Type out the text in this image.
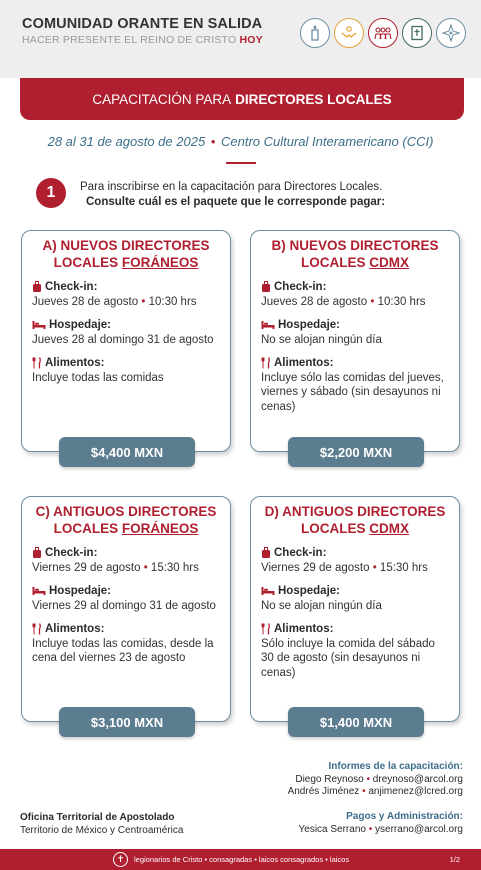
COMUNIDAD ORANTE EN SALIDA
HACER PRESENTE EL REINO DE CRISTO HOY
CAPACITACIÓN PARA DIRECTORES LOCALES
28 al 31 de agosto de 2025 • Centro Cultural Interamericano (CCI)
1	Para inscribirse en la capacitación para Directores Locales.
Consulte cuál es el paquete que le corresponde pagar:
A) NUEVOS DIRECTORES
LOCALES FORÁNEOS
Check-in:
Jueves 28 de agosto • 10:30 hrs
Hospedaje:
Jueves 28 al domingo 31 de agosto
Alimentos:
Incluye todas las comidas
$4,400 MXN
B) NUEVOS DIRECTORES
LOCALES CDMX
Check-in:
Jueves 28 de agosto • 10:30 hrs
Hospedaje:
No se alojan ningún día
Alimentos:
Incluye sólo las comidas del jueves, viernes y sábado (sin desayunos ni cenas)
$2,200 MXN
C) ANTIGUOS DIRECTORES
LOCALES FORÁNEOS
Check-in:
Viernes 29 de agosto • 15:30 hrs
Hospedaje:
Viernes 29 al domingo 31 de agosto
Alimentos:
Incluye todas las comidas, desde la cena del viernes 23 de agosto
$3,100 MXN
D) ANTIGUOS DIRECTORES
LOCALES CDMX
Check-in:
Viernes 29 de agosto • 15:30 hrs
Hospedaje:
No se alojan ningún día
Alimentos:
Sólo incluye la comida del sábado 30 de agosto (sin desayunos ni cenas)
$1,400 MXN
Informes de la capacitación:
Diego Reynoso • dreynoso@arcol.org
Andrés Jiménez • anjimenez@lcred.org
Pagos y Administración:
Yesica Serrano • yserrano@arcol.org
Oficina Territorial de Apostolado
Territorio de México y Centroamérica
✝	legionarios de Cristo • consagradas • laicos consagrados • laicos	1/2
